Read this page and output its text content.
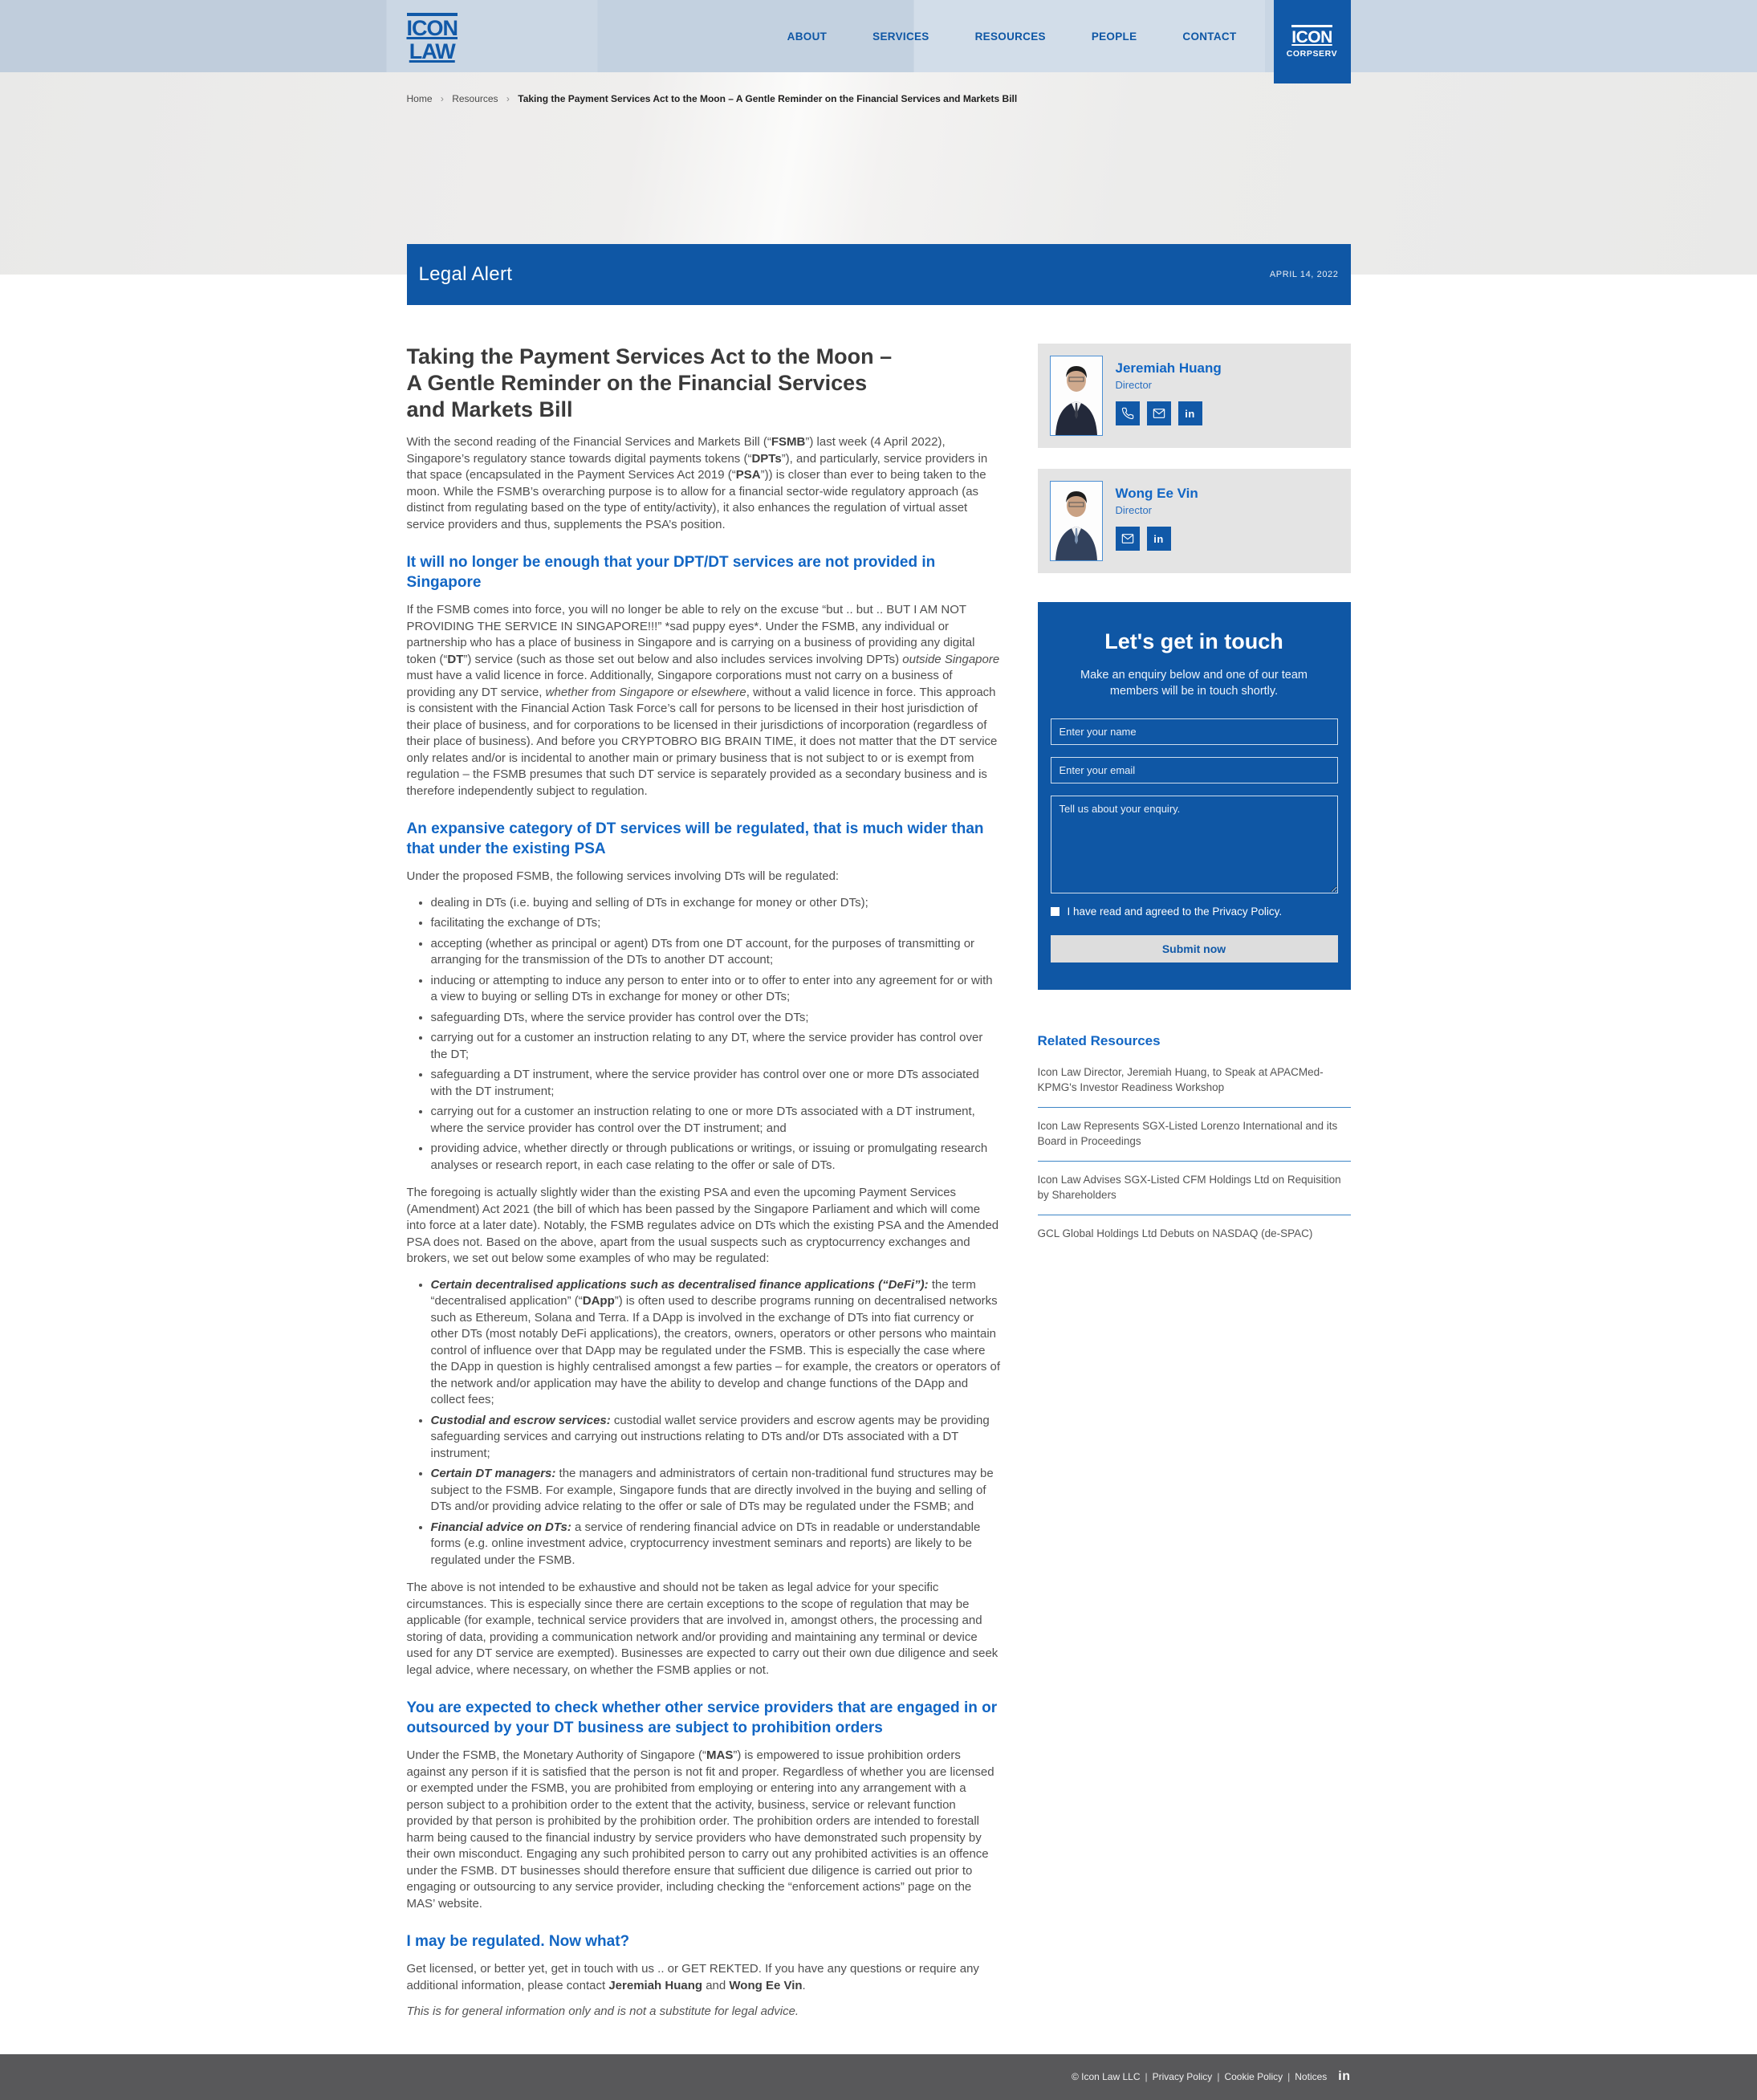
ICON
LAW
ABOUT	SERVICES	RESOURCES	PEOPLE	CONTACT	ICON
CORPSERV
Home › Resources › Taking the Payment Services Act to the Moon – A Gentle Reminder on the Financial Services and Markets Bill
Legal Alert	APRIL 14, 2022
Taking the Payment Services Act to the Moon – A Gentle Reminder on the Financial Services and Markets Bill

With the second reading of the Financial Services and Markets Bill (“FSMB”) last week (4 April 2022), Singapore’s regulatory stance towards digital payments tokens (“DPTs”), and particularly, service providers in that space (encapsulated in the Payment Services Act 2019 (“PSA”)) is closer than ever to being taken to the moon. While the FSMB’s overarching purpose is to allow for a financial sector-wide regulatory approach (as distinct from regulating based on the type of entity/activity), it also enhances the regulation of virtual asset service providers and thus, supplements the PSA’s position.

It will no longer be enough that your DPT/DT services are not provided in Singapore

If the FSMB comes into force, you will no longer be able to rely on the excuse “but .. but .. BUT I AM NOT PROVIDING THE SERVICE IN SINGAPORE!!!” *sad puppy eyes*. Under the FSMB, any individual or partnership who has a place of business in Singapore and is carrying on a business of providing any digital token (“DT”) service (such as those set out below and also includes services involving DPTs) outside Singapore must have a valid licence in force. Additionally, Singapore corporations must not carry on a business of providing any DT service, whether from Singapore or elsewhere, without a valid licence in force. This approach is consistent with the Financial Action Task Force’s call for persons to be licensed in their host jurisdiction of their place of business, and for corporations to be licensed in their jurisdictions of incorporation (regardless of their place of business). And before you CRYPTOBRO BIG BRAIN TIME, it does not matter that the DT service only relates and/or is incidental to another main or primary business that is not subject to or is exempt from regulation – the FSMB presumes that such DT service is separately provided as a secondary business and is therefore independently subject to regulation.

An expansive category of DT services will be regulated, that is much wider than that under the existing PSA

Under the proposed FSMB, the following services involving DTs will be regulated:

• dealing in DTs (i.e. buying and selling of DTs in exchange for money or other DTs);
• facilitating the exchange of DTs;
• accepting (whether as principal or agent) DTs from one DT account, for the purposes of transmitting or arranging for the transmission of the DTs to another DT account;
• inducing or attempting to induce any person to enter into or to offer to enter into any agreement for or with a view to buying or selling DTs in exchange for money or other DTs;
• safeguarding DTs, where the service provider has control over the DTs;
• carrying out for a customer an instruction relating to any DT, where the service provider has control over the DT;
• safeguarding a DT instrument, where the service provider has control over one or more DTs associated with the DT instrument;
• carrying out for a customer an instruction relating to one or more DTs associated with a DT instrument, where the service provider has control over the DT instrument; and
• providing advice, whether directly or through publications or writings, or issuing or promulgating research analyses or research report, in each case relating to the offer or sale of DTs.

The foregoing is actually slightly wider than the existing PSA and even the upcoming Payment Services (Amendment) Act 2021 (the bill of which has been passed by the Singapore Parliament and which will come into force at a later date). Notably, the FSMB regulates advice on DTs which the existing PSA and the Amended PSA does not. Based on the above, apart from the usual suspects such as cryptocurrency exchanges and brokers, we set out below some examples of who may be regulated:

• Certain decentralised applications such as decentralised finance applications (“DeFi”): the term “decentralised application” (“DApp”) is often used to describe programs running on decentralised networks such as Ethereum, Solana and Terra. If a DApp is involved in the exchange of DTs into fiat currency or other DTs (most notably DeFi applications), the creators, owners, operators or other persons who maintain control of influence over that DApp may be regulated under the FSMB. This is especially the case where the DApp in question is highly centralised amongst a few parties – for example, the creators or operators of the network and/or application may have the ability to develop and change functions of the DApp and collect fees;
• Custodial and escrow services: custodial wallet service providers and escrow agents may be providing safeguarding services and carrying out instructions relating to DTs and/or DTs associated with a DT instrument;
• Certain DT managers: the managers and administrators of certain non-traditional fund structures may be subject to the FSMB. For example, Singapore funds that are directly involved in the buying and selling of DTs and/or providing advice relating to the offer or sale of DTs may be regulated under the FSMB; and
• Financial advice on DTs: a service of rendering financial advice on DTs in readable or understandable forms (e.g. online investment advice, cryptocurrency investment seminars and reports) are likely to be regulated under the FSMB.

The above is not intended to be exhaustive and should not be taken as legal advice for your specific circumstances. This is especially since there are certain exceptions to the scope of regulation that may be applicable (for example, technical service providers that are involved in, amongst others, the processing and storing of data, providing a communication network and/or providing and maintaining any terminal or device used for any DT service are exempted). Businesses are expected to carry out their own due diligence and seek legal advice, where necessary, on whether the FSMB applies or not.

You are expected to check whether other service providers that are engaged in or outsourced by your DT business are subject to prohibition orders

Under the FSMB, the Monetary Authority of Singapore (“MAS”) is empowered to issue prohibition orders against any person if it is satisfied that the person is not fit and proper. Regardless of whether you are licensed or exempted under the FSMB, you are prohibited from employing or entering into any arrangement with a person subject to a prohibition order to the extent that the activity, business, service or relevant function provided by that person is prohibited by the prohibition order. The prohibition orders are intended to forestall harm being caused to the financial industry by service providers who have demonstrated such propensity by their own misconduct. Engaging any such prohibited person to carry out any prohibited activities is an offence under the FSMB. DT businesses should therefore ensure that sufficient due diligence is carried out prior to engaging or outsourcing to any service provider, including checking the “enforcement actions” page on the MAS’ website.

I may be regulated. Now what?

Get licensed, or better yet, get in touch with us .. or GET REKTED. If you have any questions or require any additional information, please contact Jeremiah Huang and Wong Ee Vin.

This is for general information only and is not a substitute for legal advice.

Jeremiah Huang
Director
in
Wong Ee Vin
Director
in
Let's get in touch
Make an enquiry below and one of our team members will be in touch shortly.
Enter your name
Enter your email
Tell us about your enquiry.
I have read and agreed to the Privacy Policy.
Submit now
Related Resources
Icon Law Director, Jeremiah Huang, to Speak at APACMed-KPMG's Investor Readiness Workshop
Icon Law Represents SGX-Listed Lorenzo International and its Board in Proceedings
Icon Law Advises SGX-Listed CFM Holdings Ltd on Requisition by Shareholders
GCL Global Holdings Ltd Debuts on NASDAQ (de-SPAC)
© Icon Law LLC	| Privacy Policy	| Cookie Policy	| Notices in
